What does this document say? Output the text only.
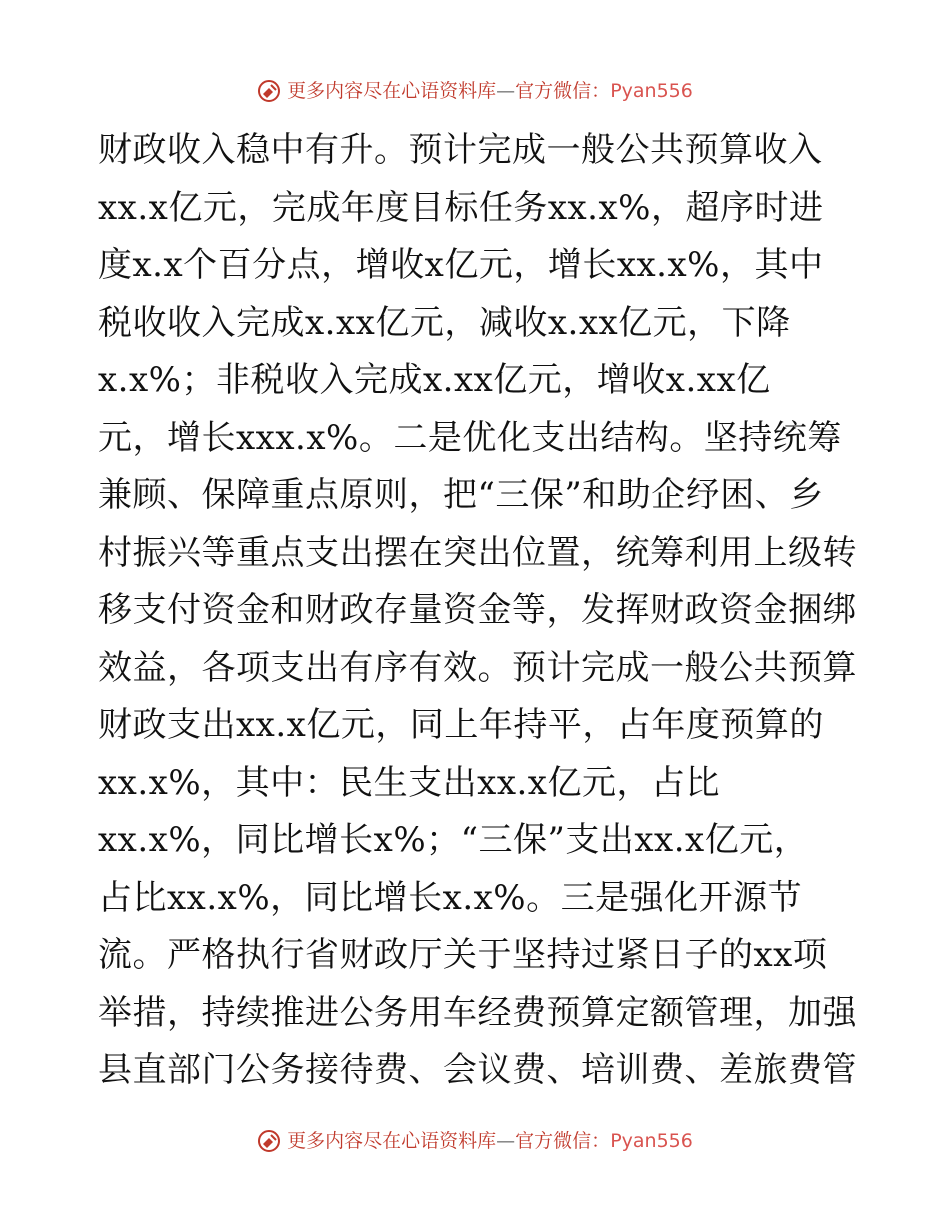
更多内容尽在心语资料库—官方微信：Pyan556
财政收入稳中有升。预计完成一般公共预算收入
xx.x亿元，完成年度目标任务xx.x%，超序时进
度x.x个百分点，增收x亿元，增长xx.x%，其中
税收收入完成x.xx亿元，减收x.xx亿元，下降
x.x%；非税收入完成x.xx亿元，增收x.xx亿
元，增长xxx.x%。二是优化支出结构。坚持统筹
兼顾、保障重点原则，把“三保”和助企纾困、乡
村振兴等重点支出摆在突出位置，统筹利用上级转
移支付资金和财政存量资金等，发挥财政资金捆绑
效益，各项支出有序有效。预计完成一般公共预算
财政支出xx.x亿元，同上年持平，占年度预算的
xx.x%，其中：民生支出xx.x亿元，占比
xx.x%，同比增长x%；“三保”支出xx.x亿元，
占比xx.x%，同比增长x.x%。三是强化开源节
流。严格执行省财政厅关于坚持过紧日子的xx项
举措，持续推进公务用车经费预算定额管理，加强
县直部门公务接待费、会议费、培训费、差旅费管
更多内容尽在心语资料库—官方微信：Pyan556
